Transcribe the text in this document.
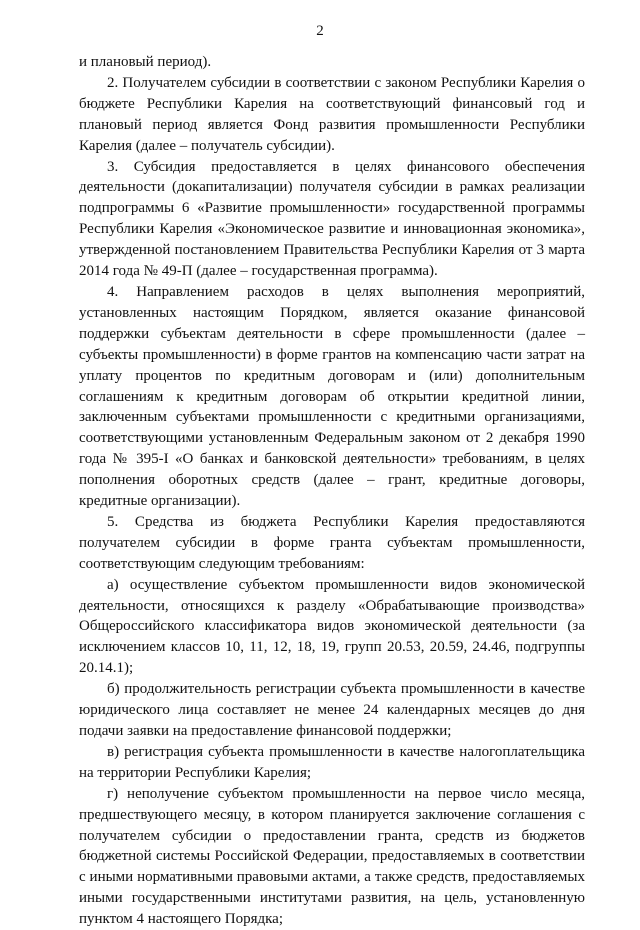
2

и плановый период).

2. Получателем субсидии в соответствии с законом Республики Карелия о бюджете Республики Карелия на соответствующий финансовый год и плановый период является Фонд развития промышленности Республики Карелия (далее – получатель субсидии).

3. Субсидия предоставляется в целях финансового обеспечения деятельности (докапитализации) получателя субсидии в рамках реализации подпрограммы 6 «Развитие промышленности» государственной программы Республики Карелия «Экономическое развитие и инновационная экономика», утвержденной постановлением Правительства Республики Карелия от 3 марта 2014 года № 49-П (далее – государственная программа).

4. Направлением расходов в целях выполнения мероприятий, установленных настоящим Порядком, является оказание финансовой поддержки субъектам деятельности в сфере промышленности (далее – субъекты промышленности) в форме грантов на компенсацию части затрат на уплату процентов по кредитным договорам и (или) дополнительным соглашениям к кредитным договорам об открытии кредитной линии, заключенным субъектами промышленности с кредитными организациями, соответствующими установленным Федеральным законом от 2 декабря 1990 года № 395-I «О банках и банковской деятельности» требованиям, в целях пополнения оборотных средств (далее – грант, кредитные договоры, кредитные организации).

5. Средства из бюджета Республики Карелия предоставляются получателем субсидии в форме гранта субъектам промышленности, соответствующим следующим требованиям:

а) осуществление субъектом промышленности видов экономической деятельности, относящихся к разделу «Обрабатывающие производства» Общероссийского классификатора видов экономической деятельности (за исключением классов 10, 11, 12, 18, 19, групп 20.53, 20.59, 24.46, подгруппы 20.14.1);

б) продолжительность регистрации субъекта промышленности в качестве юридического лица составляет не менее 24 календарных месяцев до дня подачи заявки на предоставление финансовой поддержки;

в) регистрация субъекта промышленности в качестве налогоплательщика на территории Республики Карелия;

г) неполучение субъектом промышленности на первое число месяца, предшествующего месяцу, в котором планируется заключение соглашения с получателем субсидии о предоставлении гранта, средств из бюджетов бюджетной системы Российской Федерации, предоставляемых в соответствии с иными нормативными правовыми актами, а также средств, предоставляемых иными государственными институтами развития, на цель, установленную пунктом 4 настоящего Порядка;
